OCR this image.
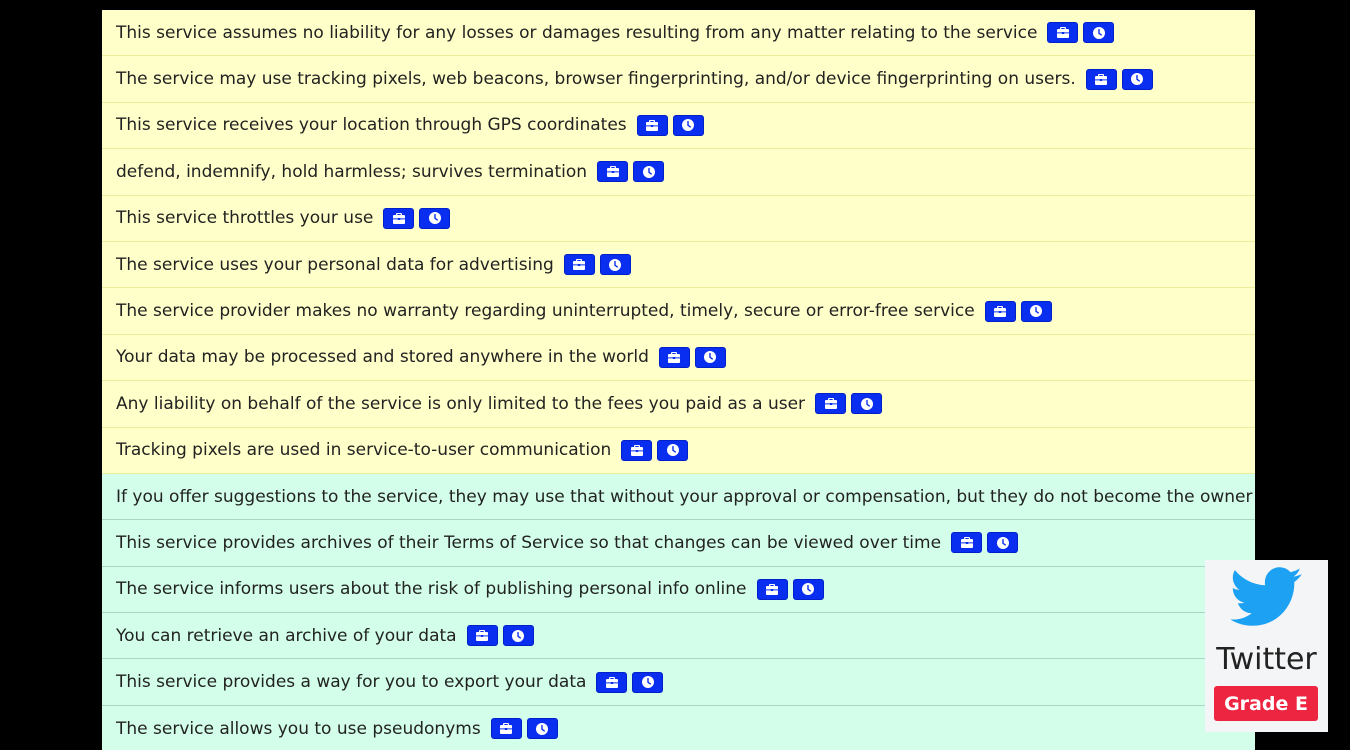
This service assumes no liability for any losses or damages resulting from any matter relating to the service
The service may use tracking pixels, web beacons, browser fingerprinting, and/or device fingerprinting on users.
This service receives your location through GPS coordinates
defend, indemnify, hold harmless; survives termination
This service throttles your use
The service uses your personal data for advertising
The service provider makes no warranty regarding uninterrupted, timely, secure or error-free service
Your data may be processed and stored anywhere in the world
Any liability on behalf of the service is only limited to the fees you paid as a user
Tracking pixels are used in service-to-user communication
If you offer suggestions to the service, they may use that without your approval or compensation, but they do not become the owner
This service provides archives of their Terms of Service so that changes can be viewed over time
The service informs users about the risk of publishing personal info online
You can retrieve an archive of your data
This service provides a way for you to export your data
The service allows you to use pseudonyms
Twitter
Grade E
